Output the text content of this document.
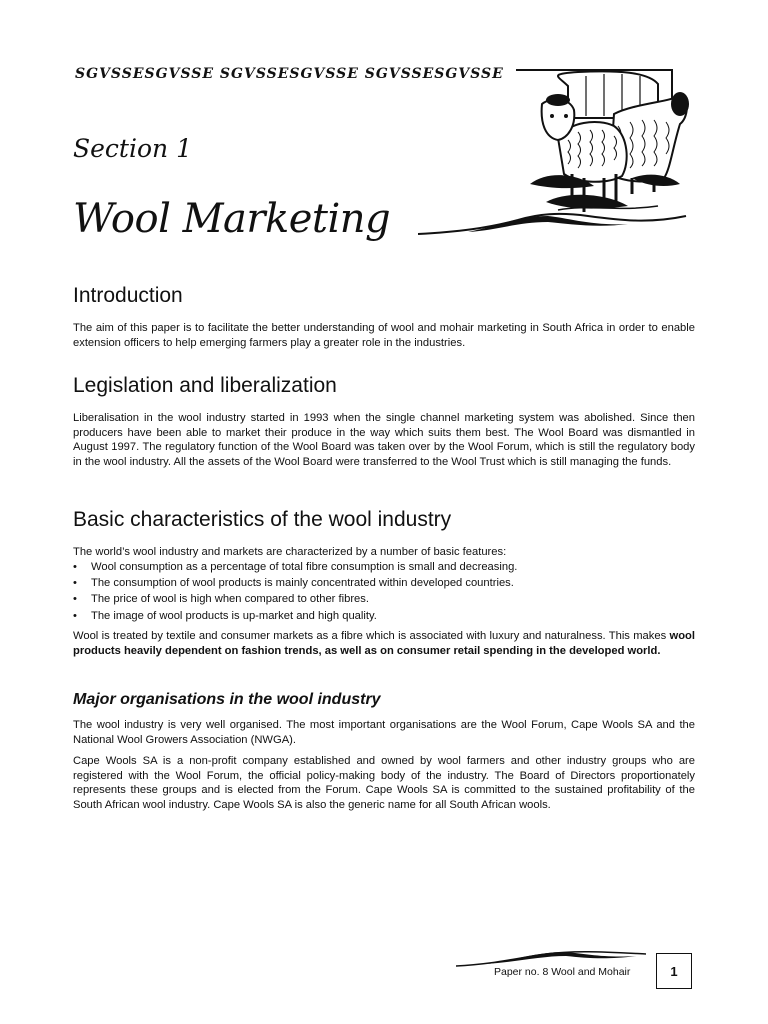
SGVSSESGVSSE SGVSSESGVSSE SGVSSESGVSSE
Section 1
Wool Marketing
Introduction

The aim of this paper is to facilitate the better understanding of wool and mohair marketing in South Africa in order to enable extension officers to help emerging farmers play a greater role in the industries.

Legislation and liberalization

Liberalisation in the wool industry started in 1993 when the single channel marketing system was abolished. Since then producers have been able to market their produce in the way which suits them best. The Wool Board was dismantled in August 1997. The regulatory function of the Wool Board was taken over by the Wool Forum, which is still the regulatory body in the wool industry. All the assets of the Wool Board were transferred to the Wool Trust which is still managing the funds.

Basic characteristics of the wool industry

The world’s wool industry and markets are characterized by a number of basic features:

• Wool consumption as a percentage of total fibre consumption is small and decreasing.
• The consumption of wool products is mainly concentrated within developed countries.
• The price of wool is high when compared to other fibres.
• The image of wool products is up-market and high quality.

Wool is treated by textile and consumer markets as a fibre which is associated with luxury and naturalness. This makes wool products heavily dependent on fashion trends, as well as on consumer retail spending in the developed world.

Major organisations in the wool industry

The wool industry is very well organised. The most important organisations are the Wool Forum, Cape Wools SA and the National Wool Growers Association (NWGA).

Cape Wools SA is a non-profit company established and owned by wool farmers and other industry groups who are registered with the Wool Forum, the official policy-making body of the industry. The Board of Directors proportionately represents these groups and is elected from the Forum. Cape Wools SA is committed to the sustained profitability of the South African wool industry. Cape Wools SA is also the generic name for all South African wools.

Paper no. 8 Wool and Mohair	1
